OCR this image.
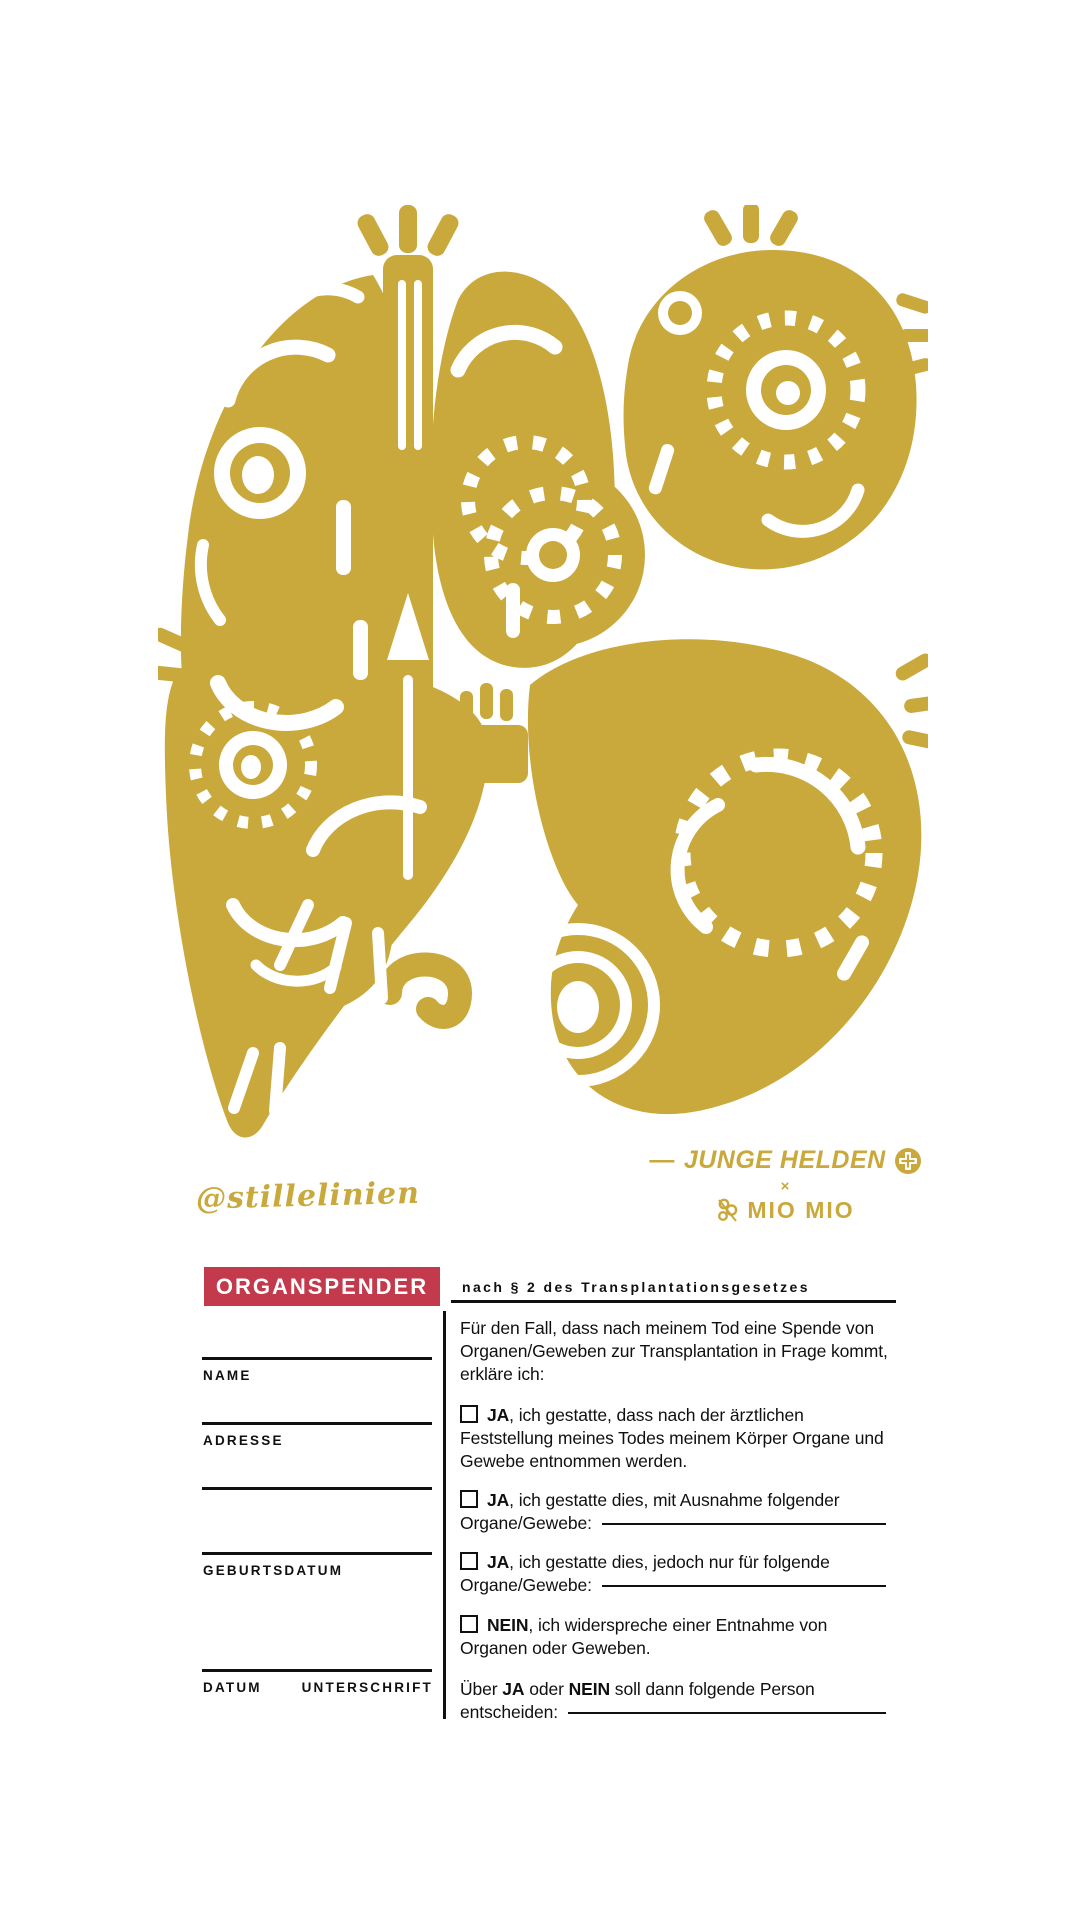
@stillelinien
— JUNGE HELDEN
×
MIO MIO
ORGANSPENDER	nach § 2 des Transplantationsgesetzes
NAME
ADRESSE
GEBURTSDATUM
DATUM	UNTERSCHRIFT
Für den Fall, dass nach meinem Tod eine Spende von Organen/Geweben zur Transplantation in Frage kommt, erkläre ich:
JA, ich gestatte, dass nach der ärztlichen Feststellung meines Todes meinem Körper Organe und Gewebe entnommen werden.
JA, ich gestatte dies, mit Ausnahme folgender
Organe/Gewebe:
JA, ich gestatte dies, jedoch nur für folgende
Organe/Gewebe:
NEIN, ich widerspreche einer Entnahme von Organen oder Geweben.
Über JA oder NEIN soll dann folgende Person
entscheiden:
